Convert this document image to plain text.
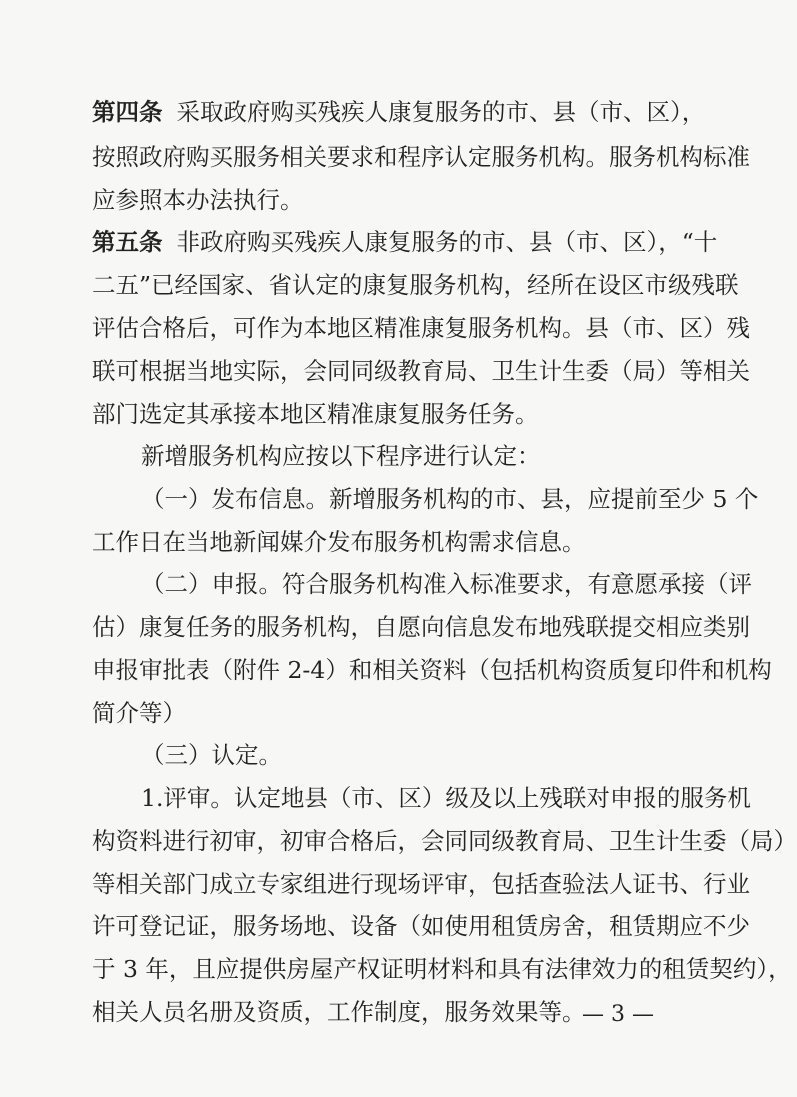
第四条 采取政府购买残疾人康复服务的市、县（市、区），
按照政府购买服务相关要求和程序认定服务机构。服务机构标准
应参照本办法执行。
第五条 非政府购买残疾人康复服务的市、县（市、区），“十
二五”已经国家、省认定的康复服务机构，经所在设区市级残联
评估合格后，可作为本地区精准康复服务机构。县（市、区）残
联可根据当地实际，会同同级教育局、卫生计生委（局）等相关
部门选定其承接本地区精准康复服务任务。
新增服务机构应按以下程序进行认定：
（一）发布信息。新增服务机构的市、县，应提前至少 5 个
工作日在当地新闻媒介发布服务机构需求信息。
（二）申报。符合服务机构准入标准要求，有意愿承接（评
估）康复任务的服务机构，自愿向信息发布地残联提交相应类别
申报审批表（附件 2-4）和相关资料（包括机构资质复印件和机构
简介等）
（三）认定。
1.评审。认定地县（市、区）级及以上残联对申报的服务机
构资料进行初审，初审合格后，会同同级教育局、卫生计生委（局）
等相关部门成立专家组进行现场评审，包括查验法人证书、行业
许可登记证，服务场地、设备（如使用租赁房舍，租赁期应不少
于 3 年，且应提供房屋产权证明材料和具有法律效力的租赁契约），
相关人员名册及资质，工作制度，服务效果等。
— 3 —
